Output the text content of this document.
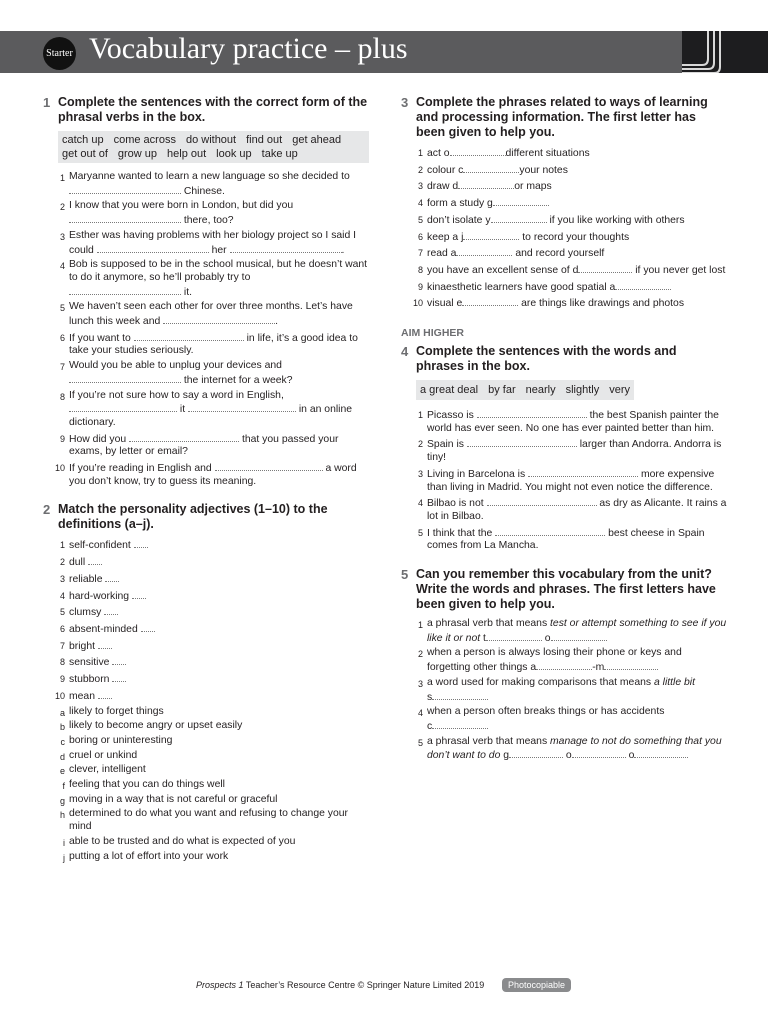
Starter Vocabulary practice – plus
1 Complete the sentences with the correct form of the phrasal verbs in the box.
catch up come across do without find out get ahead
get out of grow up help out look up take up
1 Maryanne wanted to learn a new language so she decided to
Chinese.
2 I know that you were born in London, but did you
there, too?
3 Esther was having problems with her biology project so I said I could	her	.
4 Bob is supposed to be in the school musical, but he doesn’t want to do it anymore, so he’ll probably try to
it.
5 We haven’t seen each other for over three months. Let’s have lunch this week and	.
6 If you want to	in life, it’s a good idea to take your studies seriously.
7 Would you be able to unplug your devices and
the internet for a week?
8 If you’re not sure how to say a word in English,
it	in an online dictionary.
9 How did you	that you passed your exams, by letter or email?
10 If you’re reading in English and	a word you don’t know, try to guess its meaning.
2 Match the personality adjectives (1–10) to the definitions (a–j).
1 self-confident
2 dull
3 reliable
4 hard-working
5 clumsy
6 absent-minded
7 bright
8 sensitive
9 stubborn
10 mean
a likely to forget things
b likely to become angry or upset easily
c boring or uninteresting
d cruel or unkind
e clever, intelligent
f feeling that you can do things well
g moving in a way that is not careful or graceful
h determined to do what you want and refusing to change your mind
i able to be trusted and do what is expected of you
j putting a lot of effort into your work
3 Complete the phrases related to ways of learning and processing information. The first letter has been given to help you.
1 act o	different situations
2 colour c	your notes
3 draw d	or maps
4 form a study g
5 don’t isolate y	if you like working with others
6 keep a j	to record your thoughts
7 read a	and record yourself
8 you have an excellent sense of d	if you never get lost
9 kinaesthetic learners have good spatial a
10 visual e	are things like drawings and photos
AIM HIGHER
4 Complete the sentences with the words and phrases in the box.
a great deal by far nearly slightly very
1 Picasso is	the best Spanish painter the world has ever seen. No one has ever painted better than him.
2 Spain is	larger than Andorra. Andorra is tiny!
3 Living in Barcelona is	more expensive than living in Madrid. You might not even notice the difference.
4 Bilbao is not	as dry as Alicante. It rains a lot in Bilbao.
5 I think that the	best cheese in Spain comes from La Mancha.
5 Can you remember this vocabulary from the unit? Write the words and phrases. The first letters have been given to help you.
1 a phrasal verb that means test or attempt something to see if you like it or not t	o
2 when a person is always losing their phone or keys and forgetting other things a	-m
3 a word used for making comparisons that means a little bit
s
4 when a person often breaks things or has accidents
c
5 a phrasal verb that means manage to not do something that you don’t want to do g	o	o
Prospects 1 Teacher’s Resource Centre © Springer Nature Limited 2019	Photocopiable
